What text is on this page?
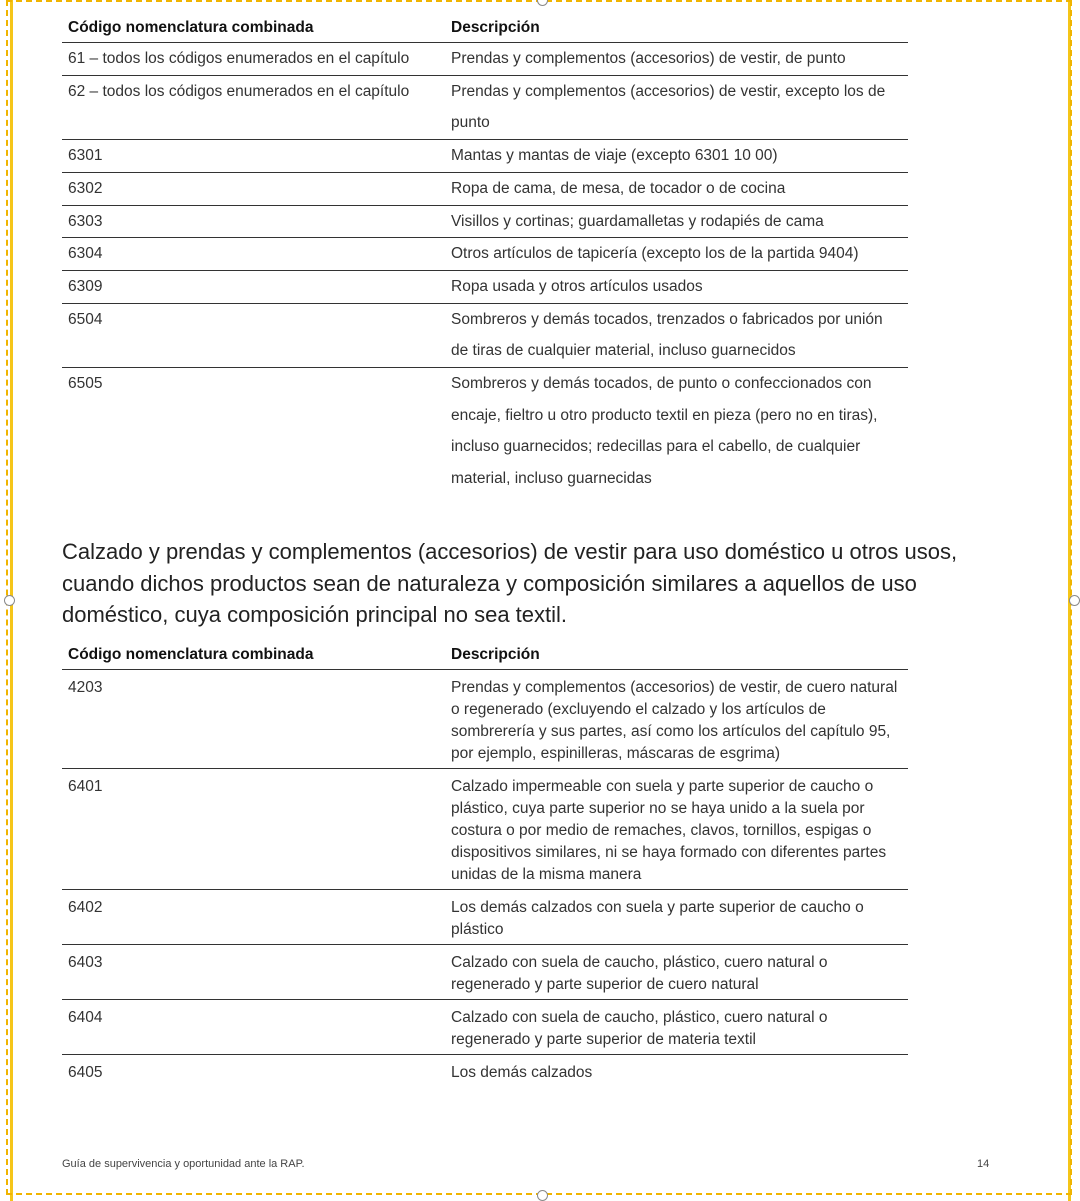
Código nomenclatura combinada	Descripción
61 – todos los códigos enumerados en el capítulo	Prendas y complementos (accesorios) de vestir, de punto
62 – todos los códigos enumerados en el capítulo	Prendas y complementos (accesorios) de vestir, excepto los de punto
6301	Mantas y mantas de viaje (excepto 6301 10 00)
6302	Ropa de cama, de mesa, de tocador o de cocina
6303	Visillos y cortinas; guardamalletas y rodapiés de cama
6304	Otros artículos de tapicería (excepto los de la partida 9404)
6309	Ropa usada y otros artículos usados
6504	Sombreros y demás tocados, trenzados o fabricados por unión de tiras de cualquier material, incluso guarnecidos
6505	Sombreros y demás tocados, de punto o confeccionados con encaje, fieltro u otro producto textil en pieza (pero no en tiras), incluso guarnecidos; redecillas para el cabello, de cualquier material, incluso guarnecidas

Calzado y prendas y complementos (accesorios) de vestir para uso doméstico u otros usos, cuando dichos productos sean de naturaleza y composición similares a aquellos de uso doméstico, cuya composición principal no sea textil.

Código nomenclatura combinada	Descripción
4203	Prendas y complementos (accesorios) de vestir, de cuero natural o regenerado (excluyendo el calzado y los artículos de sombrerería y sus partes, así como los artículos del capítulo 95, por ejemplo, espinilleras, máscaras de esgrima)
6401	Calzado impermeable con suela y parte superior de caucho o plástico, cuya parte superior no se haya unido a la suela por costura o por medio de remaches, clavos, tornillos, espigas o dispositivos similares, ni se haya formado con diferentes partes unidas de la misma manera
6402	Los demás calzados con suela y parte superior de caucho o plástico
6403	Calzado con suela de caucho, plástico, cuero natural o regenerado y parte superior de cuero natural
6404	Calzado con suela de caucho, plástico, cuero natural o regenerado y parte superior de materia textil
6405	Los demás calzados
Guía de supervivencia y oportunidad ante la RAP.	14
